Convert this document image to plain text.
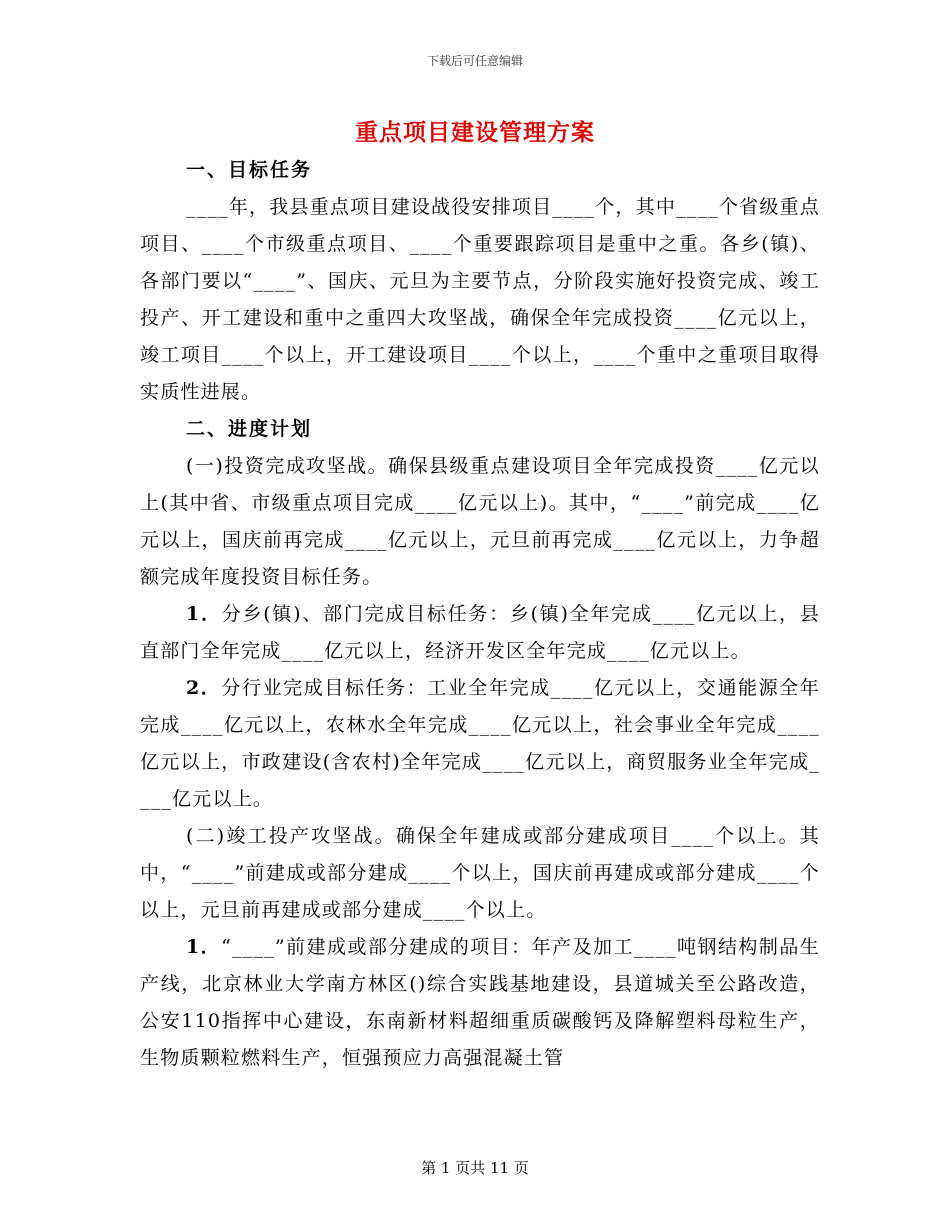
下载后可任意编辑
重点项目建设管理方案

一、目标任务

____年，我县重点项目建设战役安排项目____个，其中____个省级重点项目、____个市级重点项目、____个重要跟踪项目是重中之重。各乡(镇)、各部门要以“____”、国庆、元旦为主要节点，分阶段实施好投资完成、竣工投产、开工建设和重中之重四大攻坚战，确保全年完成投资____亿元以上，竣工项目____个以上，开工建设项目____个以上，____个重中之重项目取得实质性进展。

二、进度计划

(一)投资完成攻坚战。确保县级重点建设项目全年完成投资____亿元以上(其中省、市级重点项目完成____亿元以上)。其中，“____”前完成____亿元以上，国庆前再完成____亿元以上，元旦前再完成____亿元以上，力争超额完成年度投资目标任务。

1．分乡(镇)、部门完成目标任务：乡(镇)全年完成____亿元以上，县直部门全年完成____亿元以上，经济开发区全年完成____亿元以上。

2．分行业完成目标任务：工业全年完成____亿元以上，交通能源全年完成____亿元以上，农林水全年完成____亿元以上，社会事业全年完成____亿元以上，市政建设(含农村)全年完成____亿元以上，商贸服务业全年完成____亿元以上。

(二)竣工投产攻坚战。确保全年建成或部分建成项目____个以上。其中，“____”前建成或部分建成____个以上，国庆前再建成或部分建成____个以上，元旦前再建成或部分建成____个以上。

1．“____”前建成或部分建成的项目：年产及加工____吨钢结构制品生产线，北京林业大学南方林区()综合实践基地建设，县道城关至公路改造，公安110指挥中心建设，东南新材料超细重质碳酸钙及降解塑料母粒生产，生物质颗粒燃料生产，恒强预应力高强混凝土管

第 1 页共 11 页
